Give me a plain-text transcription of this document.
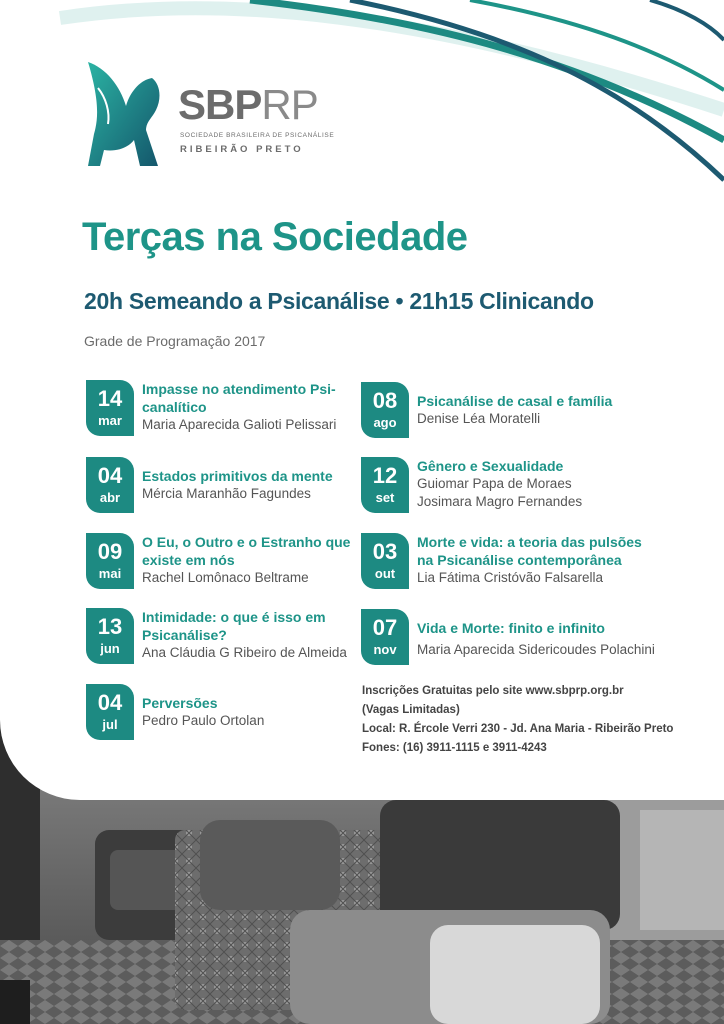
SBPRP
SOCIEDADE BRASILEIRA DE PSICANÁLISE
RIBEIRÃO PRETO
Terças na Sociedade
20h Semeando a Psicanálise • 21h15 Clinicando
Grade de Programação 2017
14
mar
Impasse no atendimento Psi-canalítico
Maria Aparecida Galioti Pelissari
04
abr
Estados primitivos da mente
Mércia Maranhão Fagundes
09
mai
O Eu, o Outro e o Estranho que existe em nós
Rachel Lomônaco Beltrame
13
jun
Intimidade: o que é isso em Psicanálise?
Ana Cláudia G Ribeiro de Almeida
04
jul
Perversões
Pedro Paulo Ortolan
08
ago
Psicanálise de casal e família
Denise Léa Moratelli
12
set
Gênero e Sexualidade
Guiomar Papa de Moraes
Josimara Magro Fernandes
03
out
Morte e vida: a teoria das pulsões na Psicanálise contemporânea
Lia Fátima Cristóvão Falsarella
07
nov
Vida e Morte: finito e infinito
Maria Aparecida Sidericoudes Polachini
Inscrições Gratuitas pelo site www.sbprp.org.br
(Vagas Limitadas)
Local: R. Ércole Verri 230 - Jd. Ana Maria - Ribeirão Preto
Fones: (16) 3911-1115 e 3911-4243
